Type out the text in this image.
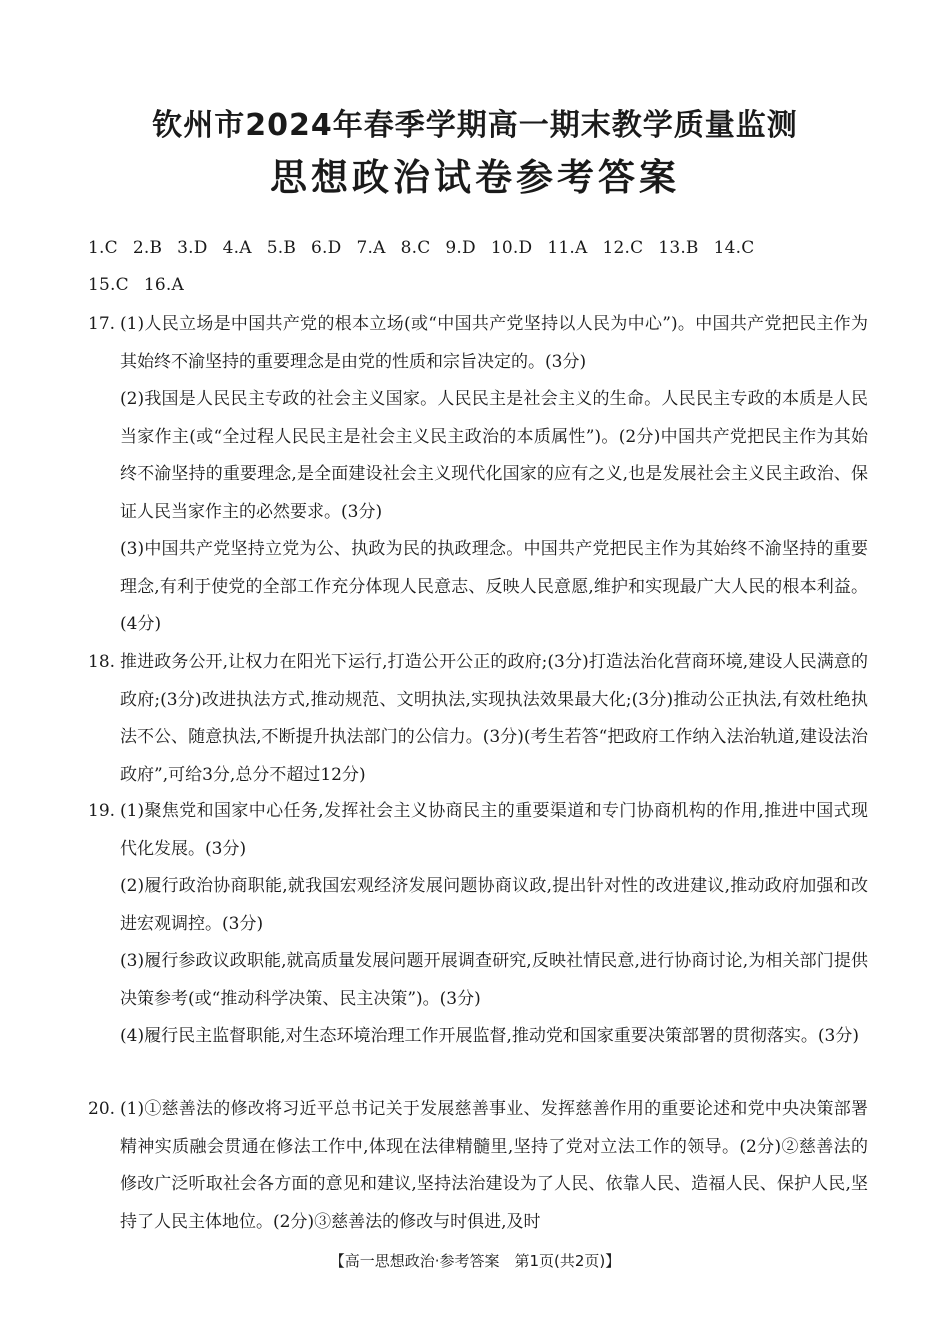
钦州市2024年春季学期高一期末教学质量监测
思想政治试卷参考答案
1.C 2.B 3.D 4.A 5.B 6.D 7.A 8.C 9.D 10.D 11.A 12.C 13.B 14.C
15.C 16.A
17. (1)人民立场是中国共产党的根本立场(或“中国共产党坚持以人民为中心”)。中国共产党把民主作为其始终不渝坚持的重要理念是由党的性质和宗旨决定的。(3分)
(2)我国是人民民主专政的社会主义国家。人民民主是社会主义的生命。人民民主专政的本质是人民当家作主(或“全过程人民民主是社会主义民主政治的本质属性”)。(2分)中国共产党把民主作为其始终不渝坚持的重要理念,是全面建设社会主义现代化国家的应有之义,也是发展社会主义民主政治、保证人民当家作主的必然要求。(3分)
(3)中国共产党坚持立党为公、执政为民的执政理念。中国共产党把民主作为其始终不渝坚持的重要理念,有利于使党的全部工作充分体现人民意志、反映人民意愿,维护和实现最广大人民的根本利益。(4分)
18. 推进政务公开,让权力在阳光下运行,打造公开公正的政府;(3分)打造法治化营商环境,建设人民满意的政府;(3分)改进执法方式,推动规范、文明执法,实现执法效果最大化;(3分)推动公正执法,有效杜绝执法不公、随意执法,不断提升执法部门的公信力。(3分)(考生若答“把政府工作纳入法治轨道,建设法治政府”,可给3分,总分不超过12分)
19. (1)聚焦党和国家中心任务,发挥社会主义协商民主的重要渠道和专门协商机构的作用,推进中国式现代化发展。(3分)
(2)履行政治协商职能,就我国宏观经济发展问题协商议政,提出针对性的改进建议,推动政府加强和改进宏观调控。(3分)
(3)履行参政议政职能,就高质量发展问题开展调查研究,反映社情民意,进行协商讨论,为相关部门提供决策参考(或“推动科学决策、民主决策”)。(3分)
(4)履行民主监督职能,对生态环境治理工作开展监督,推动党和国家重要决策部署的贯彻落实。(3分)
20. (1)①慈善法的修改将习近平总书记关于发展慈善事业、发挥慈善作用的重要论述和党中央决策部署精神实质融会贯通在修法工作中,体现在法律精髓里,坚持了党对立法工作的领导。(2分)②慈善法的修改广泛听取社会各方面的意见和建议,坚持法治建设为了人民、依靠人民、造福人民、保护人民,坚持了人民主体地位。(2分)③慈善法的修改与时俱进,及时
【高一思想政治·参考答案　第1页(共2页)】
